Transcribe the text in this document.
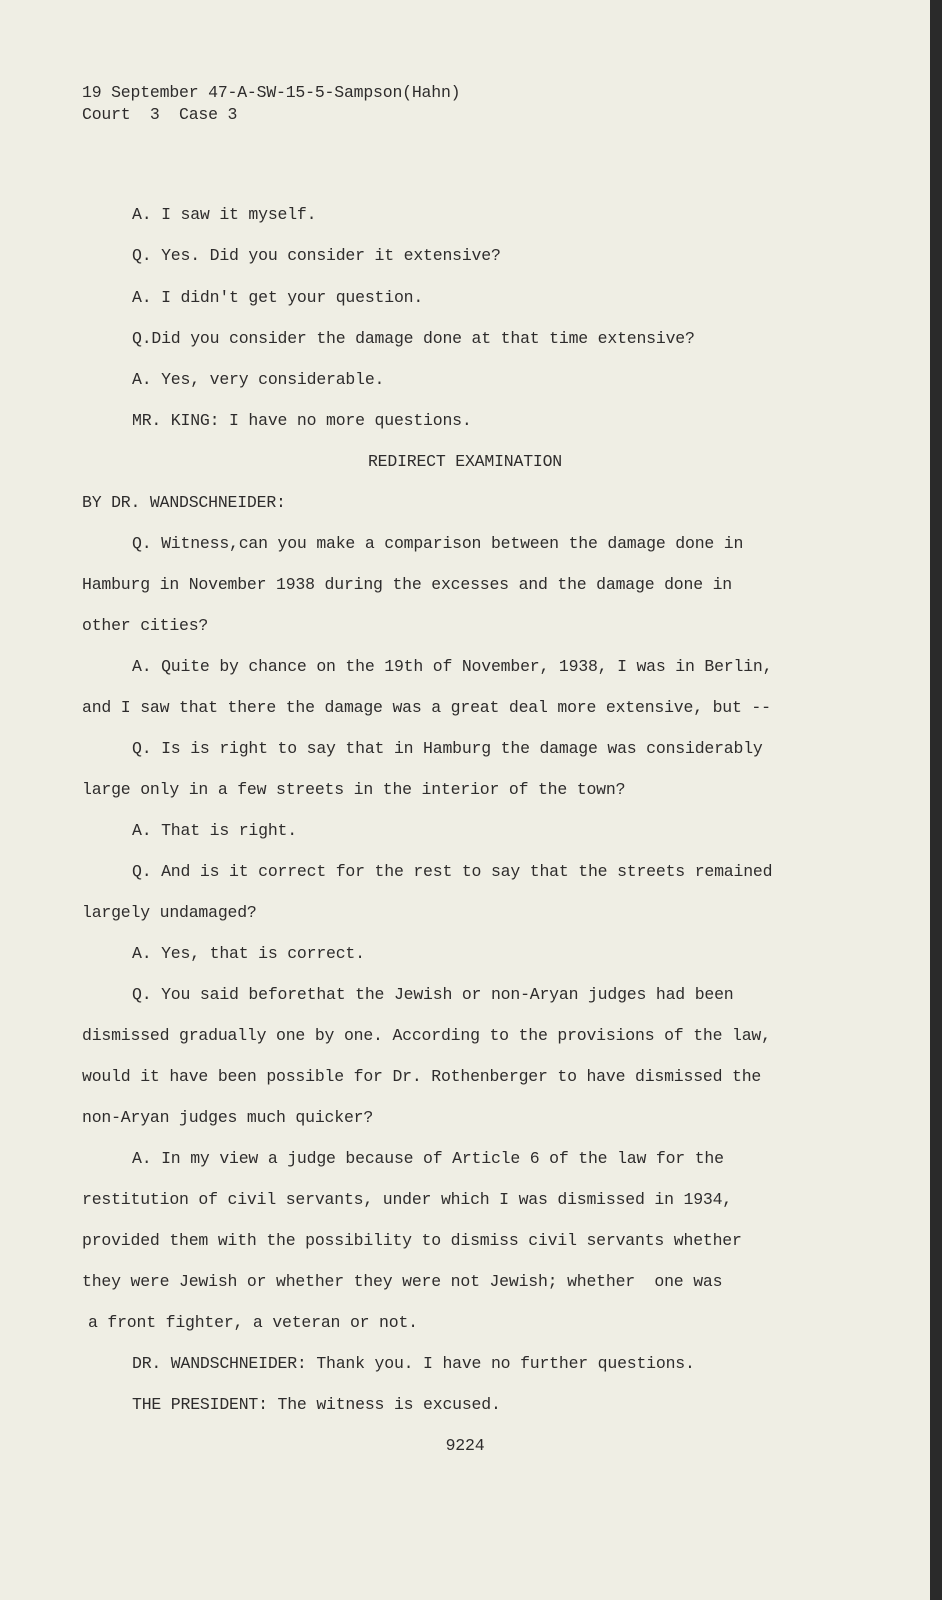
19 September 47-A-SW-15-5-Sampson(Hahn)
Court  3  Case 3
A. I saw it myself.
Q. Yes. Did you consider it extensive?
A. I didn't get your question.
Q.Did you consider the damage done at that time extensive?
A. Yes, very considerable.
MR. KING: I have no more questions.
REDIRECT EXAMINATION
BY DR. WANDSCHNEIDER:
Q. Witness,can you make a comparison between the damage done in
Hamburg in November 1938 during the excesses and the damage done in
other cities?
A. Quite by chance on the 19th of November, 1938, I was in Berlin,
and I saw that there the damage was a great deal more extensive, but --
Q. Is is right to say that in Hamburg the damage was considerably
large only in a few streets in the interior of the town?
A. That is right.
Q. And is it correct for the rest to say that the streets remained
largely undamaged?
A. Yes, that is correct.
Q. You said beforethat the Jewish or non-Aryan judges had been
dismissed gradually one by one. According to the provisions of the law,
would it have been possible for Dr. Rothenberger to have dismissed the
non-Aryan judges much quicker?
A. In my view a judge because of Article 6 of the law for the
restitution of civil servants, under which I was dismissed in 1934,
provided them with the possibility to dismiss civil servants whether
they were Jewish or whether they were not Jewish; whether  one was
a front fighter, a veteran or not.
DR. WANDSCHNEIDER: Thank you. I have no further questions.
THE PRESIDENT: The witness is excused.
9224
